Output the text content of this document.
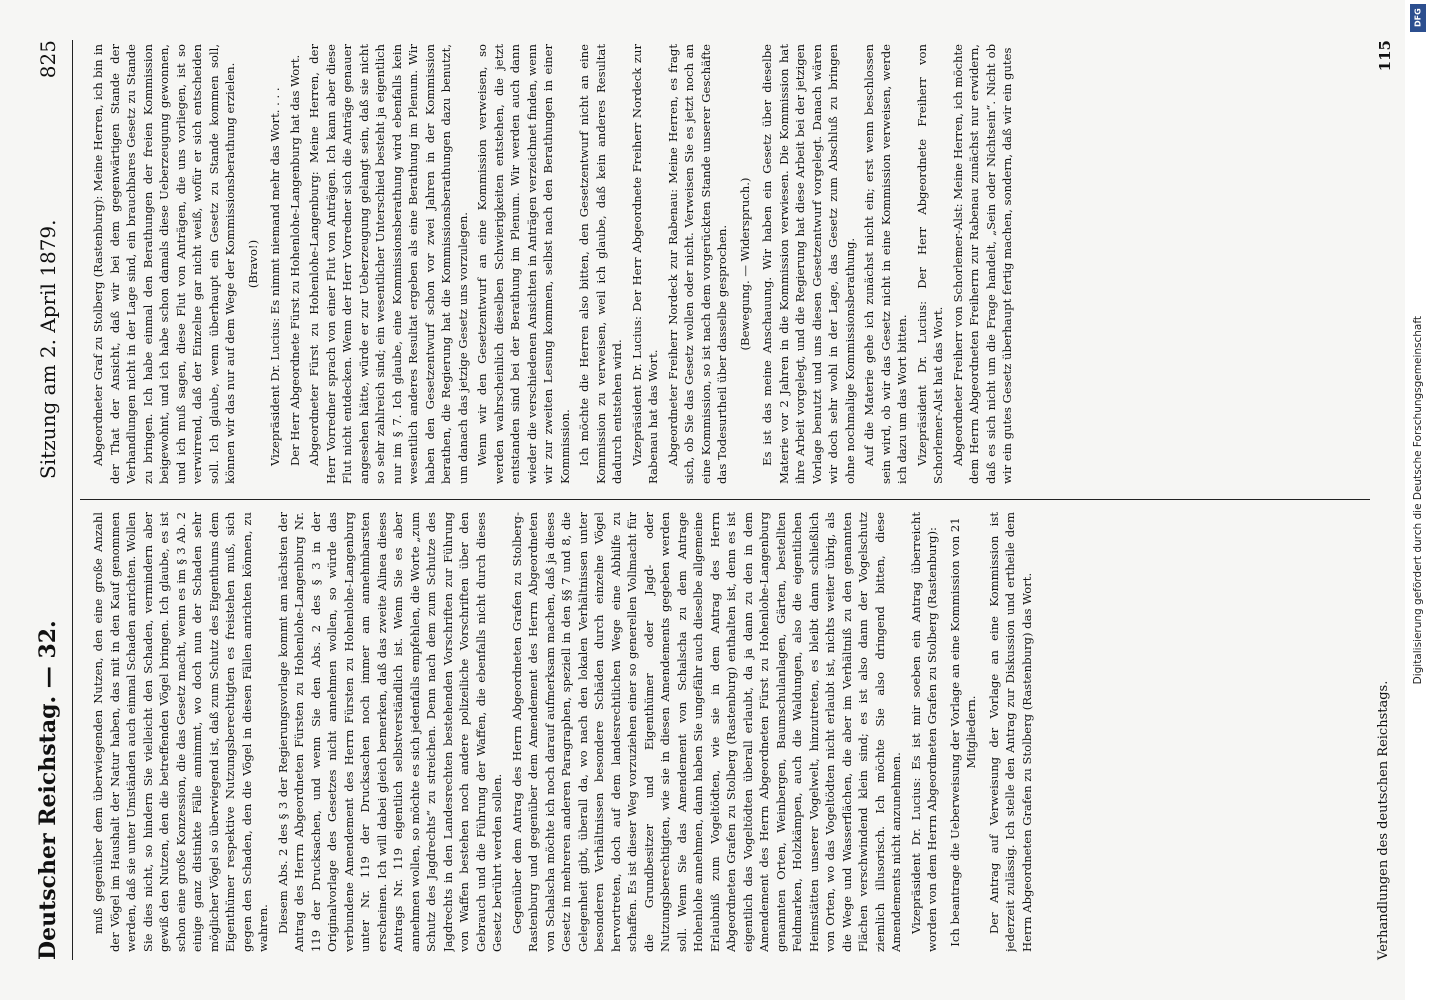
Deutscher Reichstag. — 32.
Sitzung am 2. April 1879.
825

muß gegenüber dem überwiegenden Nutzen, den eine große Anzahl der Vögel im Haushalt der Natur haben, das mit in den Kauf genommen werden, daß sie unter Umständen auch einmal Schaden anrichten. Wollen Sie dies nicht, so hindern Sie vielleicht den Schaden, vermindern aber gewiß den Nutzen, den die betreffenden Vögel bringen. Ich glaube, es ist schon eine große Konzession, die das Gesetz macht, wenn es im § 3 Ab. 2 einige ganz distinkte Fälle annimmt, wo doch nun der Schaden sehr möglicher Vögel so überwiegend ist, daß zum Schutz des Eigenthums dem Eigenthümer respektive Nutzungsberechtigten es freistehen muß, sich gegen den Schaden, den die Vögel in diesen Fällen anrichten können, zu wahren. Diesem Abs. 2 des § 3 der Regierungsvorlage kommt am nächsten der Antrag des Herrn Abgeordneten Fürsten zu Hohenlohe-Langenburg Nr. 119 der Drucksachen, und wenn Sie den Abs. 2 des § 3 in der Originalvorlage des Gesetzes nicht annehmen wollen, so würde das verbundene Amendement des Herrn Fürsten zu Hohenlohe-Langenburg unter Nr. 119 der Drucksachen noch immer am annehmbarsten erscheinen. Ich will dabei gleich bemerken, daß das zweite Alinea dieses Antrags Nr. 119 eigentlich selbstverständlich ist. Wenn Sie es aber annehmen wollen, so möchte es sich jedenfalls empfehlen, die Worte „zum Schutz des Jagdrechts“ zu streichen. Denn nach dem zum Schutze des Jagdrechts in den Landesrechten bestehenden Vorschriften zur Führung von Waffen bestehen noch andere polizeiliche Vorschriften über den Gebrauch und die Führung der Waffen, die ebenfalls nicht durch dieses Gesetz berührt werden sollen. Gegenüber dem Antrag des Herrn Abgeordneten Grafen zu Stolberg-Rastenburg und gegenüber dem Amendement des Herrn Abgeordneten von Schalscha möchte ich noch darauf aufmerksam machen, daß ja dieses Gesetz in mehreren anderen Paragraphen, speziell in den §§ 7 und 8, die Gelegenheit gibt, überall da, wo nach den lokalen Verhältnissen unter besonderen Verhältnissen besondere Schäden durch einzelne Vögel hervortreten, doch auf dem landesrechtlichen Wege eine Abhilfe zu schaffen. Es ist dieser Weg vorzuziehen einer so generellen Vollmacht für die Grundbesitzer und Eigenthümer oder Jagd- oder Nutzungsberechtigten, wie sie in diesen Amendements gegeben werden soll. Wenn Sie das Amendement von Schalscha zu dem Antrage Hohenlohe annehmen, dann haben Sie ungefähr auch dieselbe allgemeine Erlaubniß zum Vogeltödten, wie sie in dem Antrag des Herrn Abgeordneten Grafen zu Stolberg (Rastenburg) enthalten ist, denn es ist eigentlich das Vogeltödten überall erlaubt, da ja dann zu den in dem Amendement des Herrn Abgeordneten Fürst zu Hohenlohe-Langenburg genannten Orten, Weinbergen, Baumschulanlagen, Gärten, bestellten Feldmarken, Holzkämpen, auch die Waldungen, also die eigentlichen Heimstätten unserer Vogelwelt, hinzutreten, es bleibt dann schließlich von Orten, wo das Vogeltödten nicht erlaubt ist, nichts weiter übrig, als die Wege und Wasserflächen, die aber im Verhältniß zu den genannten Flächen verschwindend klein sind; es ist also dann der Vogelschutz ziemlich illusorisch. Ich möchte Sie also dringend bitten, diese Amendements nicht anzunehmen. Vizepräsident Dr. Lucius: Es ist mir soeben ein Antrag überreicht worden von dem Herrn Abgeordneten Grafen zu Stolberg (Rastenburg): Ich beantrage die Ueberweisung der Vorlage an eine Kommission von 21 Mitgliedern. Der Antrag auf Verweisung der Vorlage an eine Kommission ist jederzeit zulässig. Ich stelle den Antrag zur Diskussion und ertheile dem Herrn Abgeordneten Grafen zu Stolberg (Rastenburg) das Wort.

Abgeordneter Graf zu Stolberg (Rastenburg): Meine Herren, ich bin in der That der Ansicht, daß wir bei dem gegenwärtigen Stande der Verhandlungen nicht in der Lage sind, ein brauchbares Gesetz zu Stande zu bringen. Ich habe einmal den Berathungen der freien Kommission beigewohnt, und ich habe schon damals diese Ueberzeugung gewonnen, und ich muß sagen, diese Flut von Anträgen, die uns vorliegen, ist so verwirrend, daß der Einzelne gar nicht weiß, wofür er sich entscheiden soll. Ich glaube, wenn überhaupt ein Gesetz zu Stande kommen soll, können wir das nur auf dem Wege der Kommissionsberathung erzielen. (Bravo!) Vizepräsident Dr. Lucius: Es nimmt niemand mehr das Wort. . . . Der Herr Abgeordnete Fürst zu Hohenlohe-Langenburg hat das Wort. Abgeordneter Fürst zu Hohenlohe-Langenburg: Meine Herren, der Herr Vorredner sprach von einer Flut von Anträgen. Ich kann aber diese Flut nicht entdecken. Wenn der Herr Vorredner sich die Anträge genauer angesehen hätte, würde er zur Ueberzeugung gelangt sein, daß sie nicht so sehr zahlreich sind; ein wesentlicher Unterschied besteht ja eigentlich nur im § 7. Ich glaube, eine Kommissionsberathung wird ebenfalls kein wesentlich anderes Resultat ergeben als eine Berathung im Plenum. Wir haben den Gesetzentwurf schon vor zwei Jahren in der Kommission berathen, die Regierung hat die Kommissionsberathungen dazu benutzt, um danach das jetzige Gesetz uns vorzulegen. Wenn wir den Gesetzentwurf an eine Kommission verweisen, so werden wahrscheinlich dieselben Schwierigkeiten entstehen, die jetzt entstanden sind bei der Berathung im Plenum. Wir werden auch dann wieder die verschiedenen Ansichten in Anträgen verzeichnet finden, wenn wir zur zweiten Lesung kommen, selbst nach den Berathungen in einer Kommission. Ich möchte die Herren also bitten, den Gesetzentwurf nicht an eine Kommission zu verweisen, weil ich glaube, daß kein anderes Resultat dadurch entstehen wird. Vizepräsident Dr. Lucius: Der Herr Abgeordnete Freiherr Nordeck zur Rabenau hat das Wort. Abgeordneter Freiherr Nordeck zur Rabenau: Meine Herren, es fragt sich, ob Sie das Gesetz wollen oder nicht. Verweisen Sie es jetzt noch an eine Kommission, so ist nach dem vorgerückten Stande unserer Geschäfte das Todesurtheil über dasselbe gesprochen. (Bewegung. — Widerspruch.) Es ist das meine Anschauung. Wir haben ein Gesetz über dieselbe Materie vor 2 Jahren in die Kommission verwiesen. Die Kommission hat ihre Arbeit vorgelegt, und die Regierung hat diese Arbeit bei der jetzigen Vorlage benutzt und uns diesen Gesetzentwurf vorgelegt. Danach wären wir doch sehr wohl in der Lage, das Gesetz zum Abschluß zu bringen ohne nochmalige Kommissionsberathung. Auf die Materie gehe ich zunächst nicht ein; erst wenn beschlossen sein wird, ob wir das Gesetz nicht in eine Kommission verweisen, werde ich dazu um das Wort bitten. Vizepräsident Dr. Lucius: Der Herr Abgeordnete Freiherr von Schorlemer-Alst hat das Wort. Abgeordneter Freiherr von Schorlemer-Alst: Meine Herren, ich möchte dem Herrn Abgeordneten Freiherrn zur Rabenau zunächst nur erwidern, daß es sich nicht um die Frage handelt, „Sein oder Nichtsein“. Nicht ob wir ein gutes Gesetz überhaupt fertig machen, sondern, daß wir ein gutes

Verhandlungen des deutschen Reichstags.
115
DFG
Digitalisierung gefördert durch die Deutsche Forschungsgemeinschaft
